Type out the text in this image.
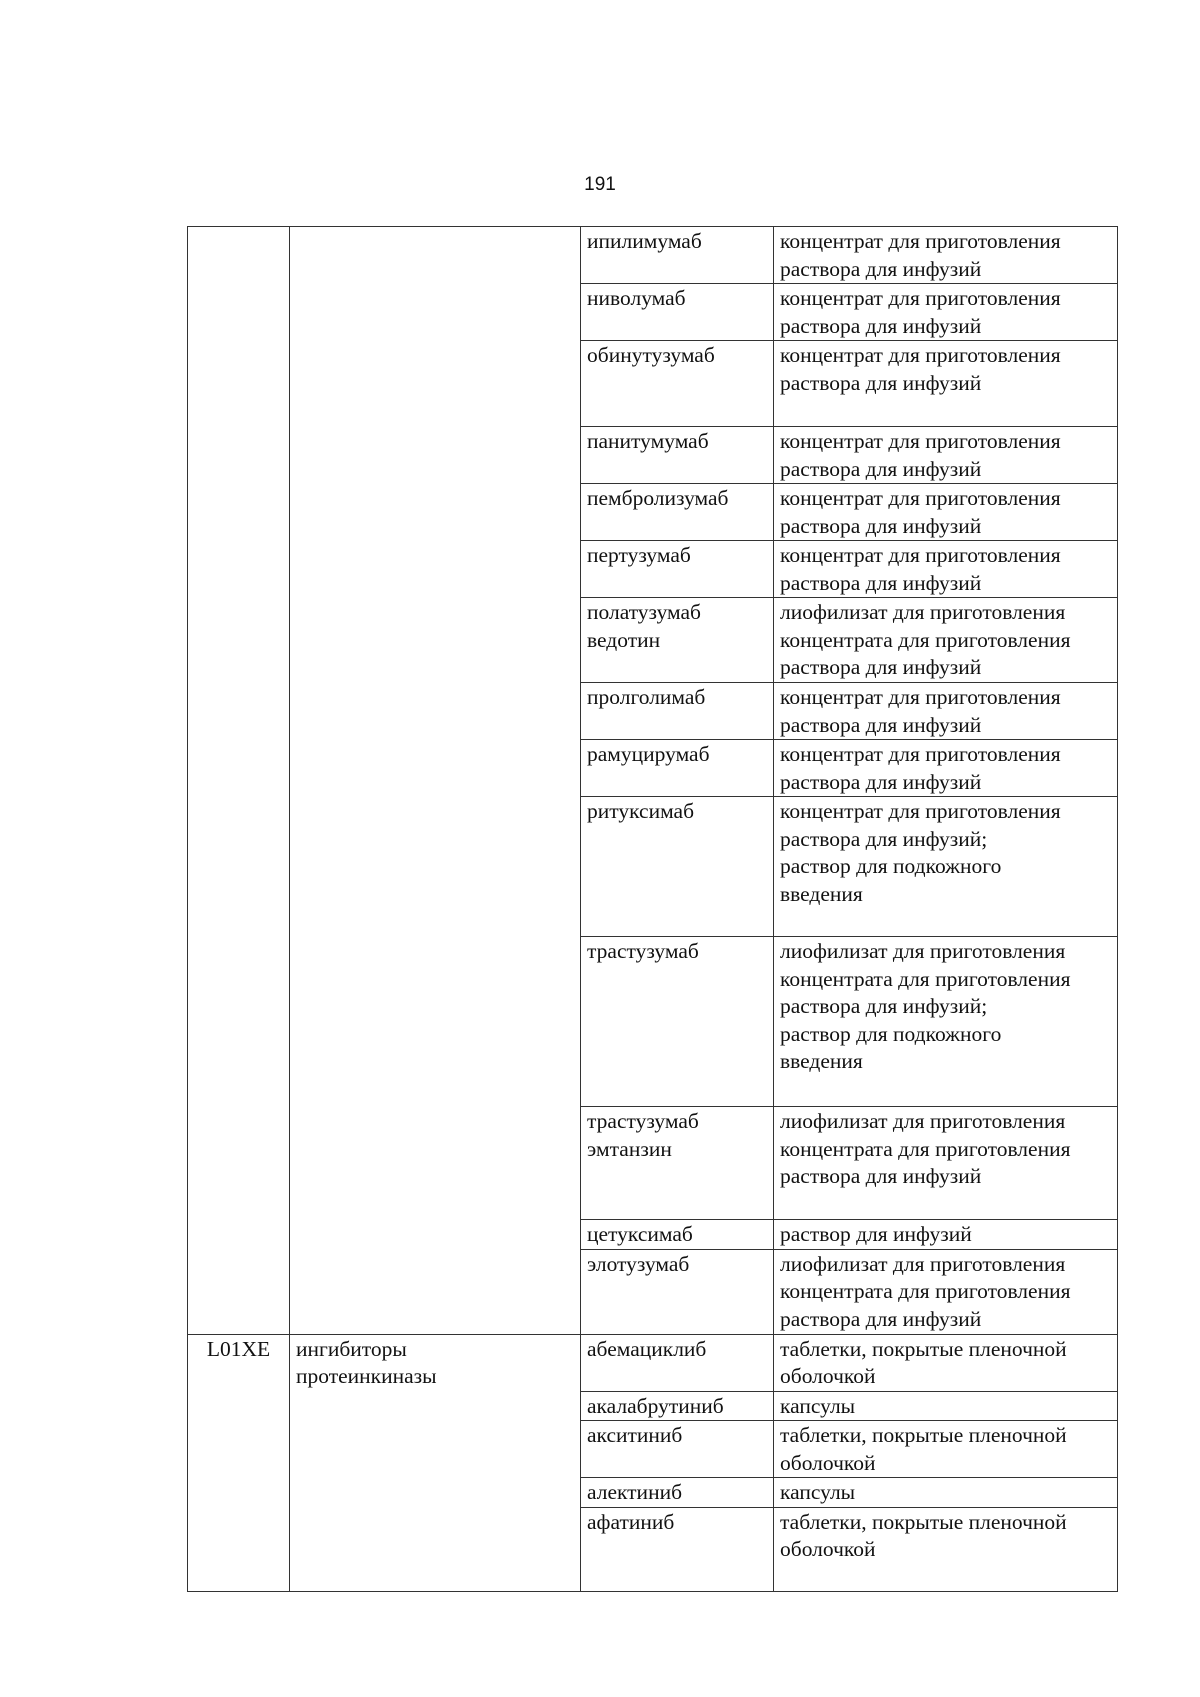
191

		ипилимумаб	концентрат для приготовления
раствора для инфузий

		ниволумаб	концентрат для приготовления
раствора для инфузий

		обинутузумаб	концентрат для приготовления
раствора для инфузий

		панитумумаб	концентрат для приготовления
раствора для инфузий

		пембролизумаб	концентрат для приготовления
раствора для инфузий

		пертузумаб	концентрат для приготовления
раствора для инфузий

		полатузумаб
ведотин	лиофилизат для приготовления
концентрата для приготовления
раствора для инфузий

		пролголимаб	концентрат для приготовления
раствора для инфузий

		рамуцирумаб	концентрат для приготовления
раствора для инфузий

		ритуксимаб	концентрат для приготовления
раствора для инфузий;
раствор для подкожного
введения

		трастузумаб	лиофилизат для приготовления
концентрата для приготовления
раствора для инфузий;
раствор для подкожного
введения

		трастузумаб
эмтанзин	лиофилизат для приготовления
концентрата для приготовления
раствора для инфузий

		цетуксимаб	раствор для инфузий

		элотузумаб	лиофилизат для приготовления
концентрата для приготовления
раствора для инфузий

L01XE	ингибиторы
протеинкиназы	абемациклиб	таблетки, покрытые пленочной
оболочкой

		акалабрутиниб	капсулы

		акситиниб	таблетки, покрытые пленочной
оболочкой

		алектиниб	капсулы

		афатиниб	таблетки, покрытые пленочной
оболочкой
